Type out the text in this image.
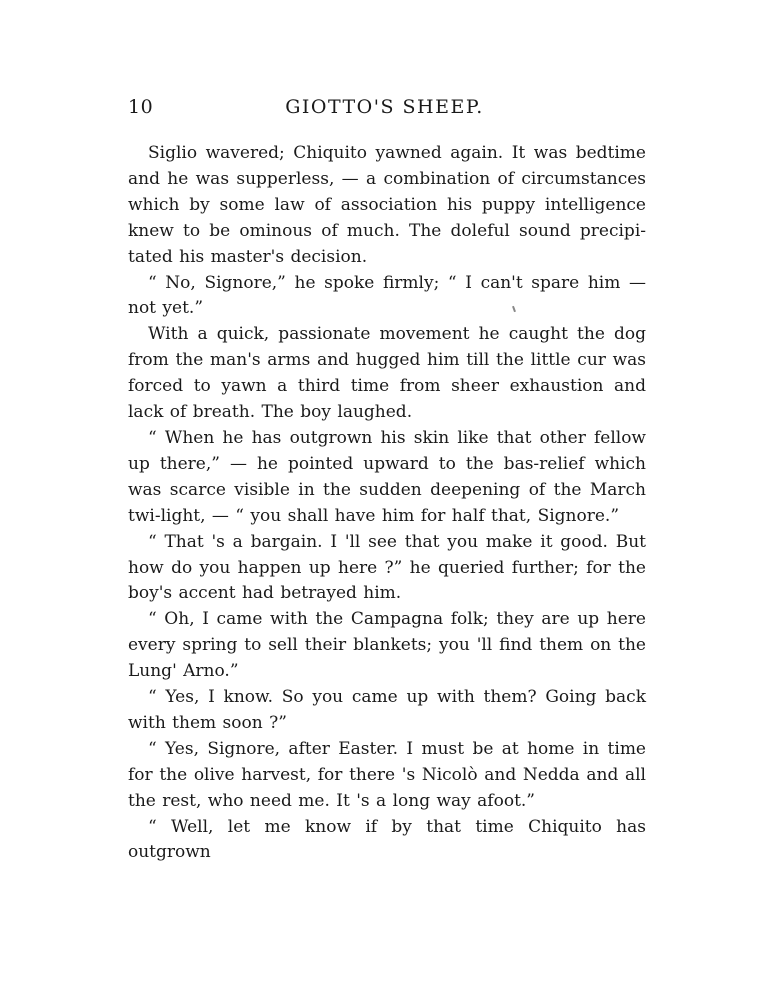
10	GIOTTO'S SHEEP.

Siglio wavered; Chiquito yawned again. It was bedtime and he was supperless, — a combination of circumstances which by some law of association his puppy intelligence knew to be ominous of much. The doleful sound precipi-tated his master's decision.

“ No, Signore,” he spoke firmly; “ I can't spare him — not yet.”

With a quick, passionate movement he caught the dog from the man's arms and hugged him till the little cur was forced to yawn a third time from sheer exhaustion and lack of breath. The boy laughed.

“ When he has outgrown his skin like that other fellow up there,” — he pointed upward to the bas-relief which was scarce visible in the sudden deepening of the March twi-light, — “ you shall have him for half that, Signore.”

“ That 's a bargain. I 'll see that you make it good. But how do you happen up here ?” he queried further; for the boy's accent had betrayed him.

“ Oh, I came with the Campagna folk; they are up here every spring to sell their blankets; you 'll find them on the Lung' Arno.”

“ Yes, I know. So you came up with them? Going back with them soon ?”

“ Yes, Signore, after Easter. I must be at home in time for the olive harvest, for there 's Nicolò and Nedda and all the rest, who need me. It 's a long way afoot.”

“ Well, let me know if by that time Chiquito has outgrown
